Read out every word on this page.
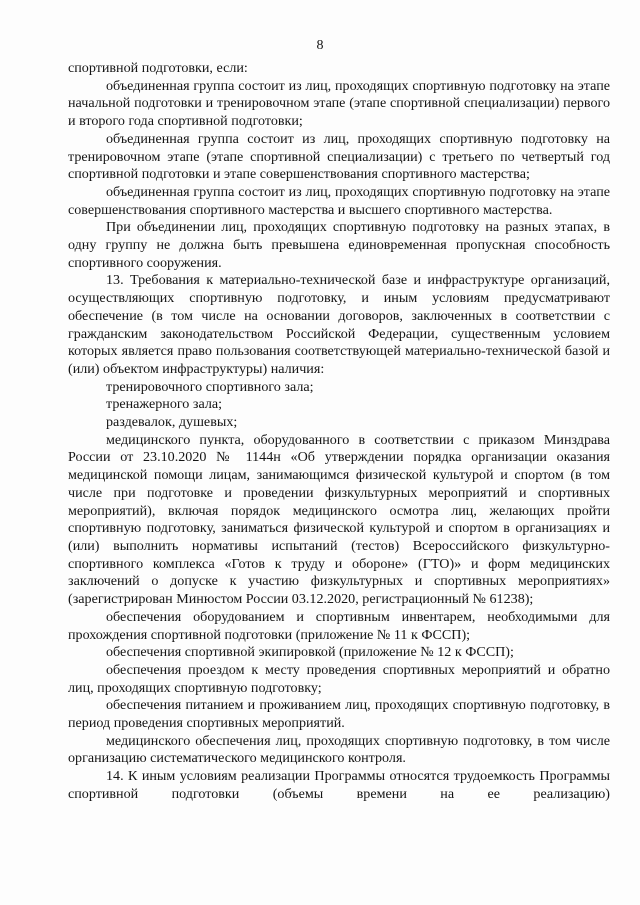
8

спортивной подготовки, если:

объединенная группа состоит из лиц, проходящих спортивную подготовку на этапе начальной подготовки и тренировочном этапе (этапе спортивной специализации) первого и второго года спортивной подготовки;

объединенная группа состоит из лиц, проходящих спортивную подготовку на тренировочном этапе (этапе спортивной специализации) с третьего по четвертый год спортивной подготовки и этапе совершенствования спортивного мастерства;

объединенная группа состоит из лиц, проходящих спортивную подготовку на этапе совершенствования спортивного мастерства и высшего спортивного мастерства.

При объединении лиц, проходящих спортивную подготовку на разных этапах, в одну группу не должна быть превышена единовременная пропускная способность спортивного сооружения.

13. Требования к материально-технической базе и инфраструктуре организаций, осуществляющих спортивную подготовку, и иным условиям предусматривают обеспечение (в том числе на основании договоров, заключенных в соответствии с гражданским законодательством Российской Федерации, существенным условием которых является право пользования соответствующей материально-технической базой и (или) объектом инфраструктуры) наличия:

тренировочного спортивного зала;

тренажерного зала;

раздевалок, душевых;

медицинского пункта, оборудованного в соответствии с приказом Минздрава России от 23.10.2020 № 1144н «Об утверждении порядка организации оказания медицинской помощи лицам, занимающимся физической культурой и спортом (в том числе при подготовке и проведении физкультурных мероприятий и спортивных мероприятий), включая порядок медицинского осмотра лиц, желающих пройти спортивную подготовку, заниматься физической культурой и спортом в организациях и (или) выполнить нормативы испытаний (тестов) Всероссийского физкультурно-спортивного комплекса «Готов к труду и обороне» (ГТО)» и форм медицинских заключений о допуске к участию физкультурных и спортивных мероприятиях» (зарегистрирован Минюстом России 03.12.2020, регистрационный № 61238);

обеспечения оборудованием и спортивным инвентарем, необходимыми для прохождения спортивной подготовки (приложение № 11 к ФССП);

обеспечения спортивной экипировкой (приложение № 12 к ФССП);

обеспечения проездом к месту проведения спортивных мероприятий и обратно лиц, проходящих спортивную подготовку;

обеспечения питанием и проживанием лиц, проходящих спортивную подготовку, в период проведения спортивных мероприятий.

медицинского обеспечения лиц, проходящих спортивную подготовку, в том числе организацию систематического медицинского контроля.

14. К иным условиям реализации Программы относятся трудоемкость Программы спортивной подготовки (объемы времени на ее реализацию)
